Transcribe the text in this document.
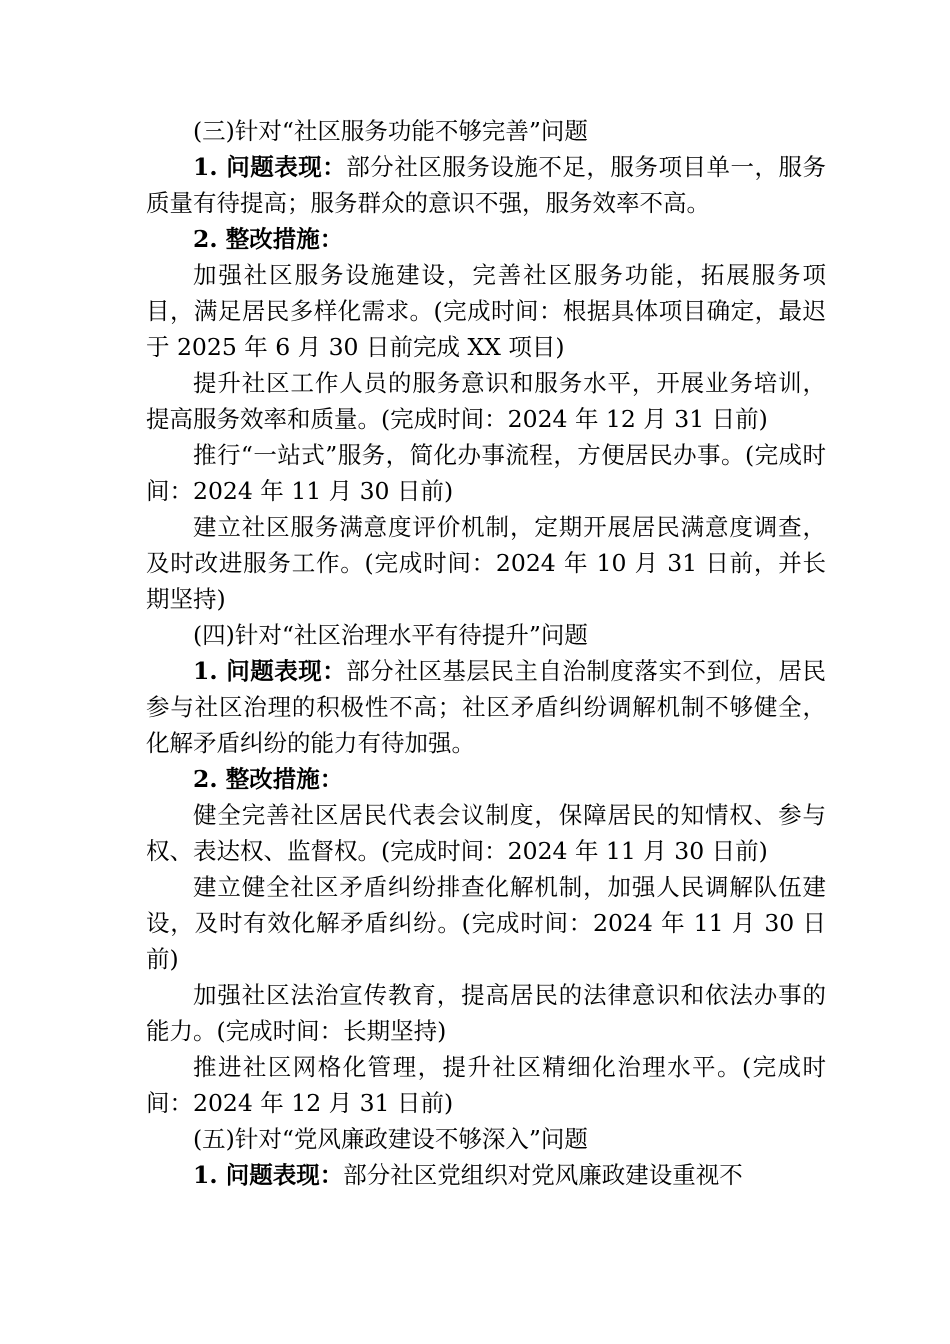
(三)针对“社区服务功能不够完善”问题

1. 问题表现：部分社区服务设施不足，服务项目单一，服务质量有待提高；服务群众的意识不强，服务效率不高。

2. 整改措施：

加强社区服务设施建设，完善社区服务功能，拓展服务项目，满足居民多样化需求。(完成时间：根据具体项目确定，最迟于 2025 年 6 月 30 日前完成 XX 项目)

提升社区工作人员的服务意识和服务水平，开展业务培训，提高服务效率和质量。(完成时间：2024 年 12 月 31 日前)

推行“一站式”服务，简化办事流程，方便居民办事。(完成时间：2024 年 11 月 30 日前)

建立社区服务满意度评价机制，定期开展居民满意度调查，及时改进服务工作。(完成时间：2024 年 10 月 31 日前，并长期坚持)

(四)针对“社区治理水平有待提升”问题

1. 问题表现：部分社区基层民主自治制度落实不到位，居民参与社区治理的积极性不高；社区矛盾纠纷调解机制不够健全，化解矛盾纠纷的能力有待加强。

2. 整改措施：

健全完善社区居民代表会议制度，保障居民的知情权、参与权、表达权、监督权。(完成时间：2024 年 11 月 30 日前)

建立健全社区矛盾纠纷排查化解机制，加强人民调解队伍建设，及时有效化解矛盾纠纷。(完成时间：2024 年 11 月 30 日前)

加强社区法治宣传教育，提高居民的法律意识和依法办事的能力。(完成时间：长期坚持)

推进社区网格化管理，提升社区精细化治理水平。(完成时间：2024 年 12 月 31 日前)

(五)针对“党风廉政建设不够深入”问题

1. 问题表现：部分社区党组织对党风廉政建设重视不
